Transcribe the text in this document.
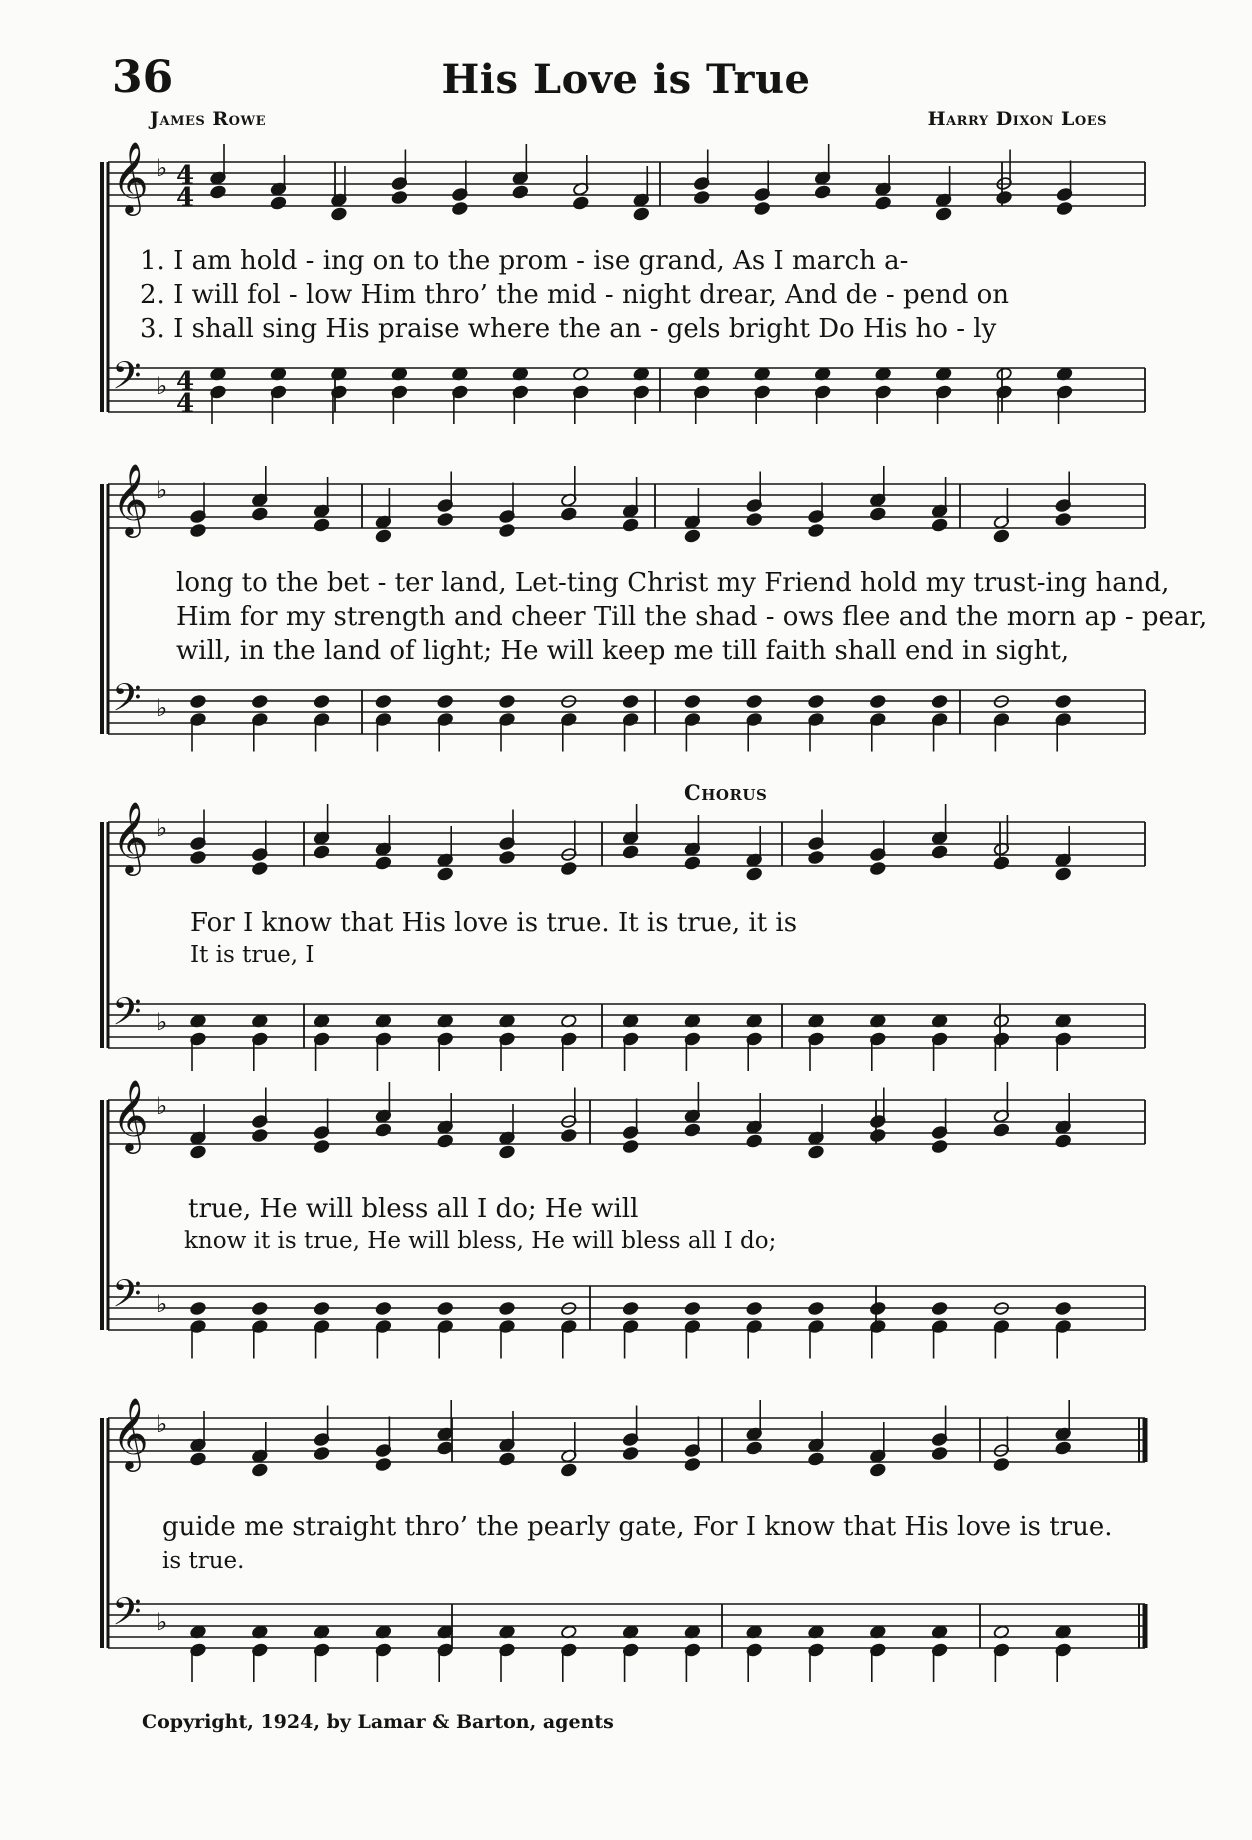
36	His Love is True
James Rowe	Harry Dixon Loes
𝄞
𝄢
♭
♭
4
4
4
4
𝄞
𝄢
♭
♭
𝄞
𝄢
♭
♭
𝄞
𝄢
♭
♭
𝄞
𝄢
♭
♭
1. I am hold - ing on to the prom - ise grand, As I march a-
2. I will fol - low Him thro’ the mid - night drear, And de - pend on
3. I shall sing His praise where the an - gels bright Do His ho - ly
long to the bet - ter land, Let-ting Christ my Friend hold my trust-ing hand,
Him for my strength and cheer Till the shad - ows flee and the morn ap - pear,
will, in the land of light; He will keep me till faith shall end in sight,
Chorus
For I know that His love is true. It is true, it is
It is true, I
true, He will bless all I do; He will
know it is true, He will bless, He will bless all I do;
guide me straight thro’ the pearly gate, For I know that His love is true.
is true.
Copyright, 1924, by Lamar & Barton, agents
